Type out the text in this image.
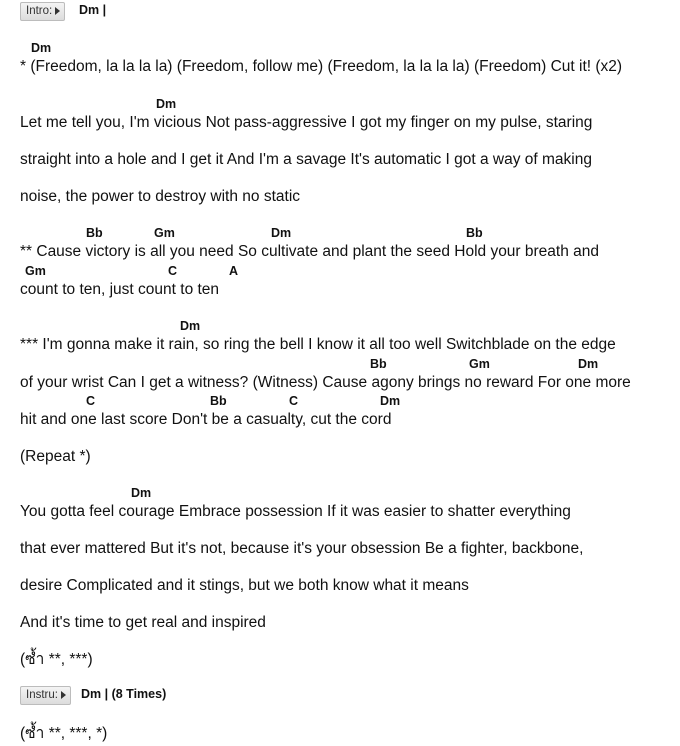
Intro:	Dm |
Dm
* (Freedom, la la la la) (Freedom, follow me) (Freedom, la la la la) (Freedom) Cut it! (x2)
Dm
Let me tell you, I'm vicious Not pass-aggressive I got my finger on my pulse, staring
straight into a hole and I get it And I'm a savage It's automatic I got a way of making
noise, the power to destroy with no static
Bb	Gm	Dm	Bb
** Cause victory is all you need So cultivate and plant the seed Hold your breath and
Gm	C	A
count to ten, just count to ten
Dm
*** I'm gonna make it rain, so ring the bell I know it all too well Switchblade on the edge
Bb	Gm	Dm
C
of your wrist Can I get a witness? (Witness) Cause agony brings no reward For one more
Bb	C	Dm
hit and one last score Don't be a casualty, cut the cord
(Repeat *)
Dm
You gotta feel courage Embrace possession If it was easier to shatter everything
that ever mattered But it's not, because it's your obsession Be a fighter, backbone,
desire Complicated and it stings, but we both know what it means
And it's time to get real and inspired
(ซ้ำ **, ***)
Instru:	Dm | (8 Times)
(ซ้ำ **, ***, *)
